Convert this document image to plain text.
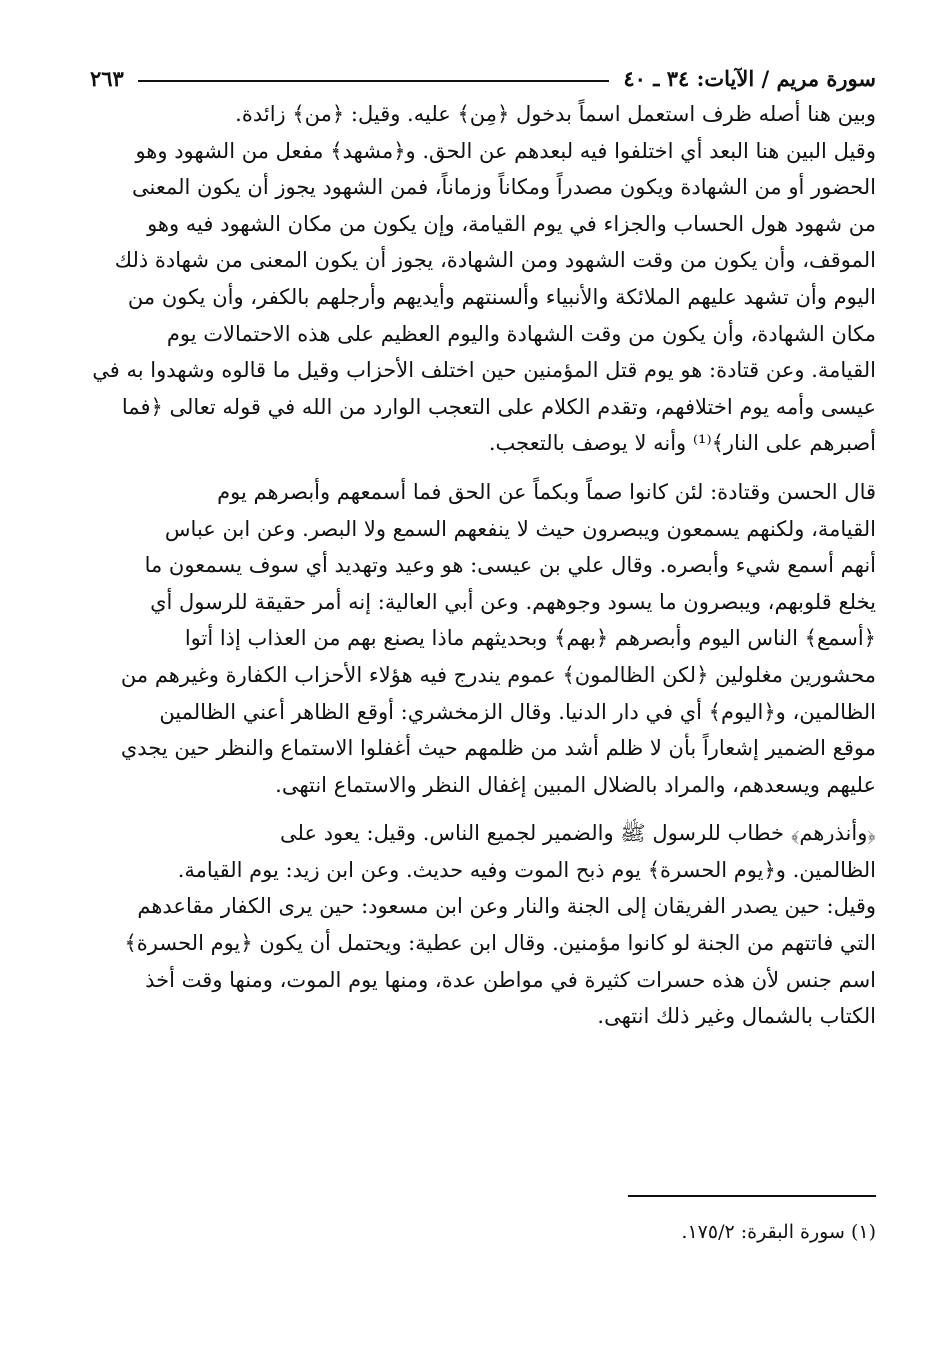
سورة مريم / الآيات: ٣٤ ـ ٤٠
٢٦٣

وبين هنا أصله ظرف استعمل اسماً بدخول ﴿مِن﴾ عليه. وقيل: ﴿من﴾ زائدة.
وقيل البين هنا البعد أي اختلفوا فيه لبعدهم عن الحق. و﴿مشهد﴾ مفعل من الشهود وهو
الحضور أو من الشهادة ويكون مصدراً ومكاناً وزماناً، فمن الشهود يجوز أن يكون المعنى
من شهود هول الحساب والجزاء في يوم القيامة، وإن يكون من مكان الشهود فيه وهو
الموقف، وأن يكون من وقت الشهود ومن الشهادة، يجوز أن يكون المعنى من شهادة ذلك
اليوم وأن تشهد عليهم الملائكة والأنبياء وألسنتهم وأيديهم وأرجلهم بالكفر، وأن يكون من
مكان الشهادة، وأن يكون من وقت الشهادة واليوم العظيم على هذه الاحتمالات يوم
القيامة. وعن قتادة: هو يوم قتل المؤمنين حين اختلف الأحزاب وقيل ما قالوه وشهدوا به في
عيسى وأمه يوم اختلافهم، وتقدم الكلام على التعجب الوارد من الله في قوله تعالى ﴿فما
أصبرهم على النار﴾⁽¹⁾ وأنه لا يوصف بالتعجب.

قال الحسن وقتادة: لئن كانوا صماً وبكماً عن الحق فما أسمعهم وأبصرهم يوم
القيامة، ولكنهم يسمعون ويبصرون حيث لا ينفعهم السمع ولا البصر. وعن ابن عباس
أنهم أسمع شيء وأبصره. وقال علي بن عيسى: هو وعيد وتهديد أي سوف يسمعون ما
يخلع قلوبهم، ويبصرون ما يسود وجوههم. وعن أبي العالية: إنه أمر حقيقة للرسول أي
﴿أسمع﴾ الناس اليوم وأبصرهم ﴿بهم﴾ وبحديثهم ماذا يصنع بهم من العذاب إذا أتوا
محشورين مغلولين ﴿لكن الظالمون﴾ عموم يندرج فيه هؤلاء الأحزاب الكفارة وغيرهم من
الظالمين، و﴿اليوم﴾ أي في دار الدنيا. وقال الزمخشري: أوقع الظاهر أعني الظالمين
موقع الضمير إشعاراً بأن لا ظلم أشد من ظلمهم حيث أغفلوا الاستماع والنظر حين يجدي
عليهم ويسعدهم، والمراد بالضلال المبين إغفال النظر والاستماع انتهى.

﴿وأنذرهم﴾ خطاب للرسول ﷺ والضمير لجميع الناس. وقيل: يعود على
الظالمين. و﴿يوم الحسرة﴾ يوم ذبح الموت وفيه حديث. وعن ابن زيد: يوم القيامة.
وقيل: حين يصدر الفريقان إلى الجنة والنار وعن ابن مسعود: حين يرى الكفار مقاعدهم
التي فاتتهم من الجنة لو كانوا مؤمنين. وقال ابن عطية: ويحتمل أن يكون ﴿يوم الحسرة﴾
اسم جنس لأن هذه حسرات كثيرة في مواطن عدة، ومنها يوم الموت، ومنها وقت أخذ
الكتاب بالشمال وغير ذلك انتهى.

(١) سورة البقرة: ١٧٥/٢.
